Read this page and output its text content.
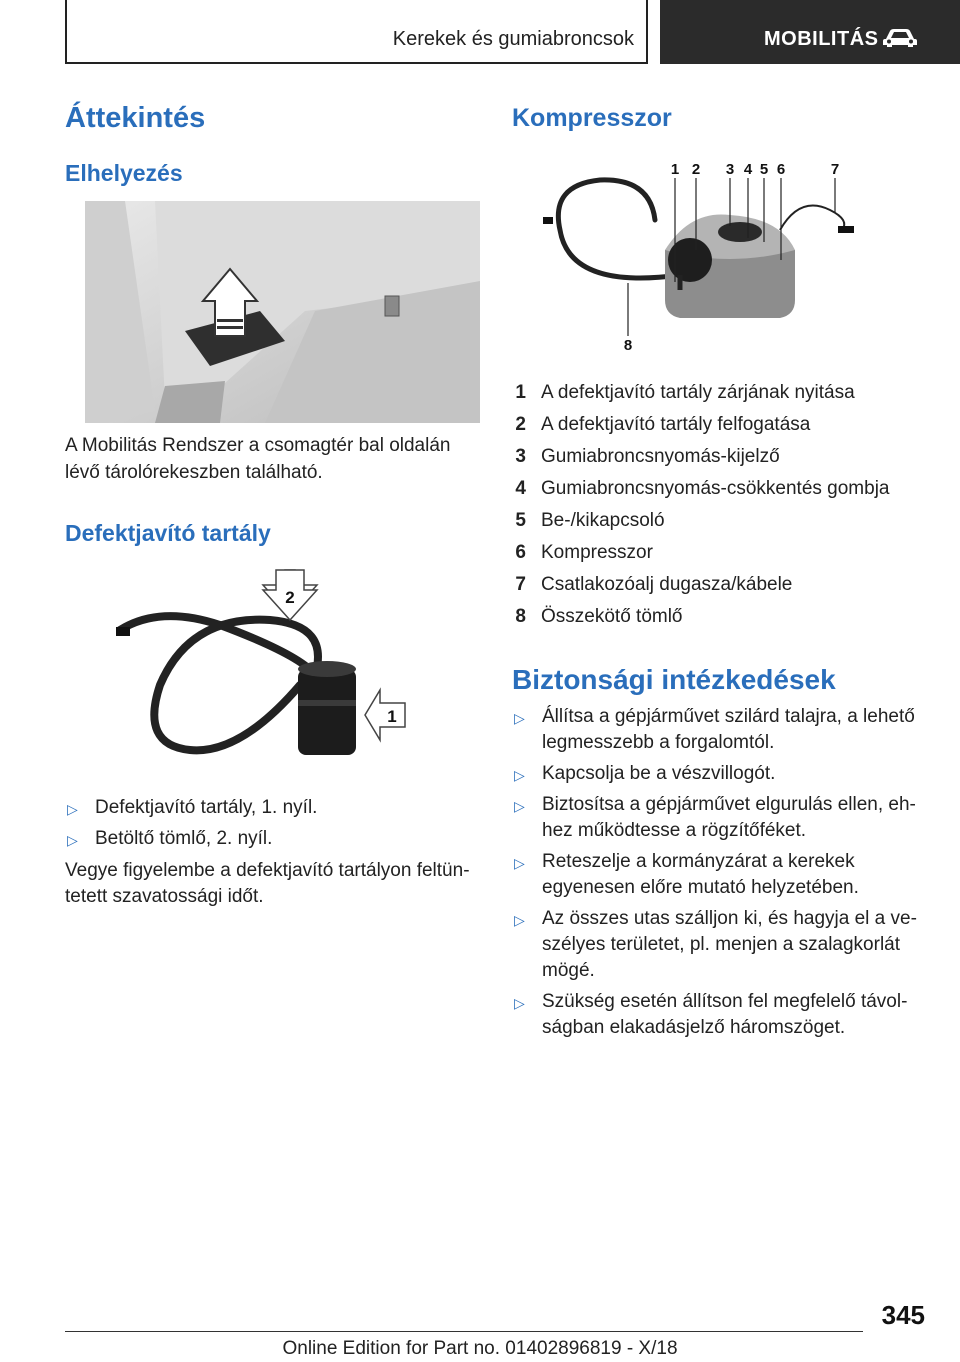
Kerekek és gumiabroncsok	MOBILITÁS
Áttekintés
Elhelyezés

A Mobilitás Rendszer a csomagtér bal oldalán lévő tárolórekeszben található.

Defektjavító tartály
2
1
▷ Defektjavító tartály, 1. nyíl.
▷ Betöltő tömlő, 2. nyíl.

Vegye figyelembe a defektjavító tartályon feltüntetett szavatossági időt.

Kompresszor
1 2 3 4 5 6	7
8
1 A defektjavító tartály zárjának nyitása
2 A defektjavító tartály felfogatása
3 Gumiabroncsnyomás-kijelző
4 Gumiabroncsnyomás-csökkentés gombja
5 Be-/kikapcsoló
6 Kompresszor
7 Csatlakozóalj dugasza/kábele
8 Összekötő tömlő
Biztonsági intézkedések
▷ Állítsa a gépjárművet szilárd talajra, a lehető legmesszebb a forgalomtól.
▷ Kapcsolja be a vészvillogót.
▷ Biztosítsa a gépjárművet elgurulás ellen, ehhez működtesse a rögzítőféket.
▷ Reteszelje a kormányzárat a kerekek egyenesen előre mutató helyzetében.
▷ Az összes utas szálljon ki, és hagyja el a veszélyes területet, pl. menjen a szalagkorlát mögé.
▷ Szükség esetén állítson fel megfelelő távolságban elakadásjelző háromszöget.
345
Online Edition for Part no. 01402896819 - X/18
